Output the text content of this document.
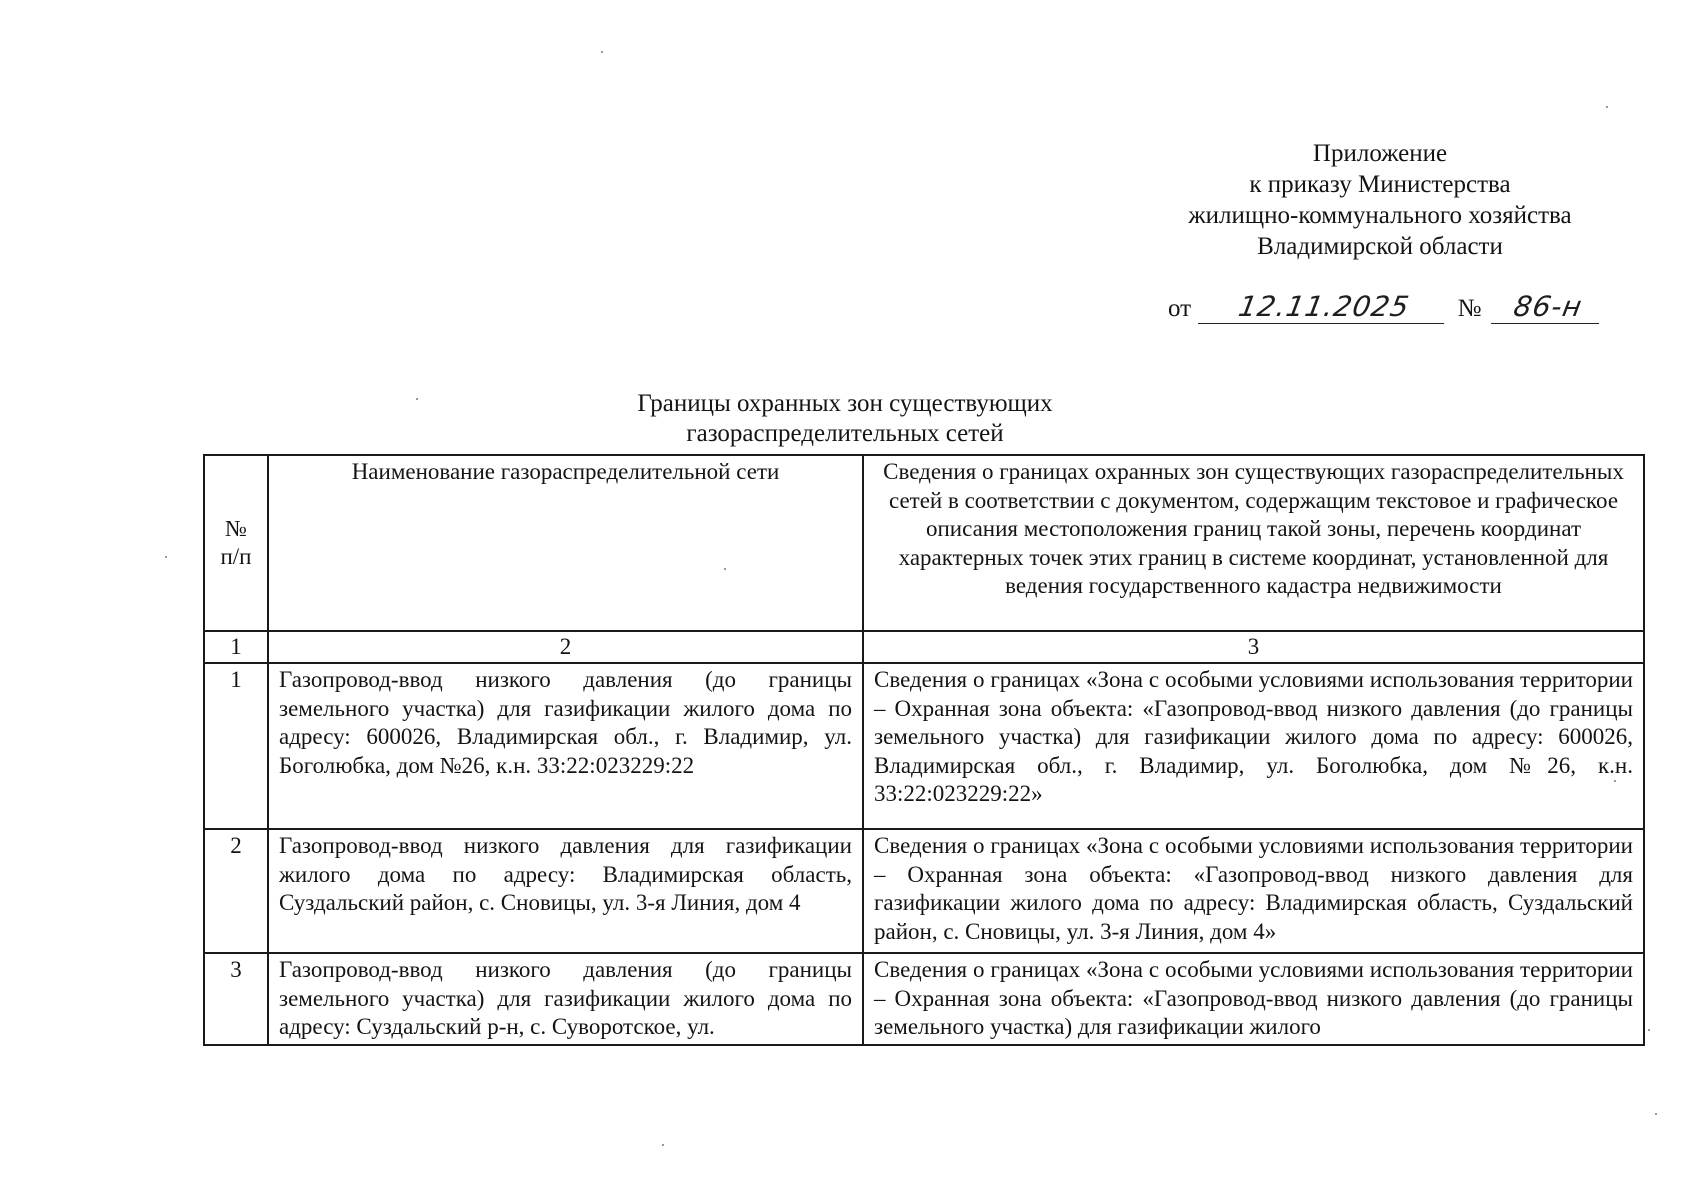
Приложение
к приказу Министерства
жилищно-коммунального хозяйства
Владимирской области
от 12.11.2025 № 86-н
Границы охранных зон существующих
газораспределительных сетей
№
п/п	Наименование газораспределительной сети	Сведения о границах охранных зон существующих газораспределительных сетей в соответствии с документом, содержащим текстовое и графическое описания местоположения границ такой зоны, перечень координат характерных точек этих границ в системе координат, установленной для ведения государственного кадастра недвижимости
1	2	3
1	Газопровод-ввод низкого давления (до границы земельного участка) для газификации жилого дома по адресу: 600026, Владимирская обл., г. Владимир, ул. Боголюбка, дом №26, к.н. 33:22:023229:22	Сведения о границах «Зона с особыми условиями использования территории – Охранная зона объекта: «Газопровод-ввод низкого давления (до границы земельного участка) для газификации жилого дома по адресу: 600026, Владимирская обл., г. Владимир, ул. Боголюбка, дом №26, к.н. 33:22:023229:22»
2	Газопровод-ввод низкого давления для газификации жилого дома по адресу: Владимирская область, Суздальский район, с. Сновицы, ул. 3-я Линия, дом 4	Сведения о границах «Зона с особыми условиями использования территории – Охранная зона объекта: «Газопровод-ввод низкого давления для газификации жилого дома по адресу: Владимирская область, Суздальский район, с. Сновицы, ул. 3-я Линия, дом 4»
3	Газопровод-ввод низкого давления (до границы земельного участка) для газификации жилого дома по адресу: Суздальский р-н, с. Суворотское, ул.	Сведения о границах «Зона с особыми условиями использования территории – Охранная зона объекта: «Газопровод-ввод низкого давления (до границы земельного участка) для газификации жилого
